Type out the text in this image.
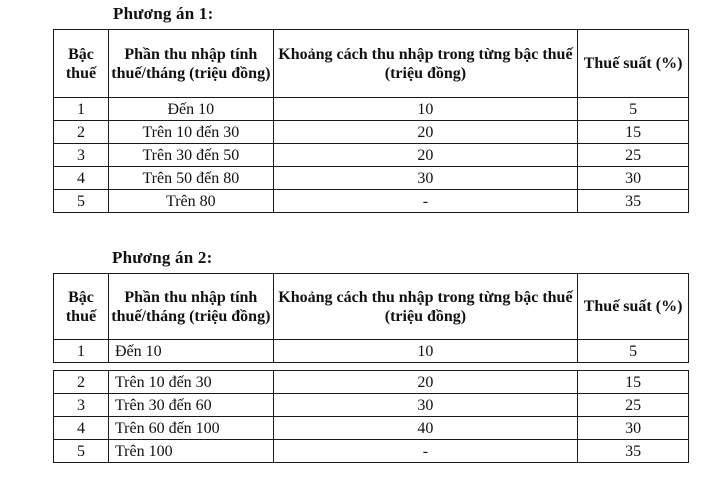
Phương án 1:
Bậc thuế	Phần thu nhập tính thuế/tháng (triệu đồng)	Khoảng cách thu nhập trong từng bậc thuế (triệu đồng)	Thuế suất (%)
1	Đến 10	10	5
2	Trên 10 đến 30	20	15
3	Trên 30 đến 50	20	25
4	Trên 50 đến 80	30	30
5	Trên 80	-	35
Phương án 2:
Bậc thuế	Phần thu nhập tính thuế/tháng (triệu đồng)	Khoảng cách thu nhập trong từng bậc thuế (triệu đồng)	Thuế suất (%)
1	Đến 10	10	5

2	Trên 10 đến 30	20	15
3	Trên 30 đến 60	30	25
4	Trên 60 đến 100	40	30
5	Trên 100	-	35
